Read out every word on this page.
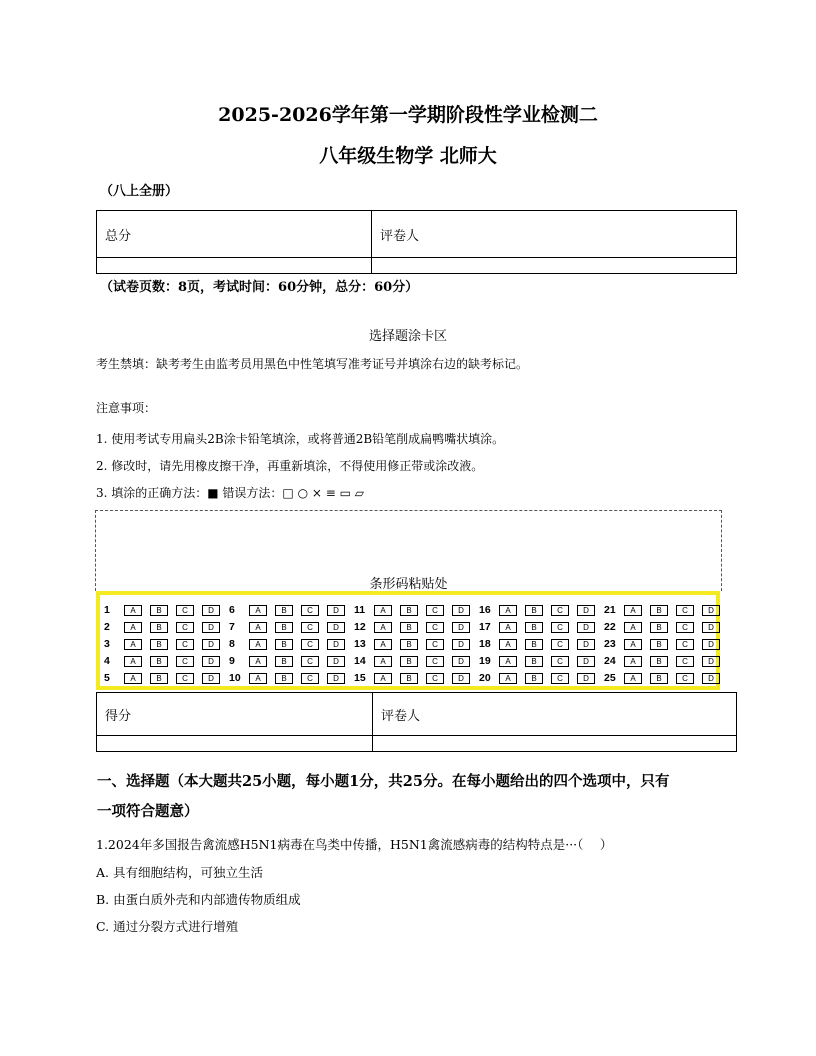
2025-2026学年第一学期阶段性学业检测二
八年级生物学 北师大
（八上全册）
总分	评卷人

（试卷页数：8页，考试时间：60分钟，总分：60分）
选择题涂卡区
考生禁填：缺考考生由监考员用黑色中性笔填写准考证号并填涂右边的缺考标记。
注意事项：
1. 使用考试专用扁头2B涂卡铅笔填涂，或将普通2B铅笔削成扁鸭嘴状填涂。
2. 修改时，请先用橡皮擦干净，再重新填涂，不得使用修正带或涂改液。
3. 填涂的正确方法：■ 错误方法：□ ○ × ≡ ▭ ▱
条形码粘贴处
1	A	B	C	D
2	A	B	C	D
3	A	B	C	D
4	A	B	C	D
5	A	B	C	D
6	A	B	C	D
7	A	B	C	D
8	A	B	C	D
9	A	B	C	D
10	A	B	C	D
11	A	B	C	D
12	A	B	C	D
13	A	B	C	D
14	A	B	C	D
15	A	B	C	D
16	A	B	C	D
17	A	B	C	D
18	A	B	C	D
19	A	B	C	D
20	A	B	C	D
21	A	B	C	D
22	A	B	C	D
23	A	B	C	D
24	A	B	C	D
25	A	B	C	D
得分	评卷人

一、选择题（本大题共25小题，每小题1分，共25分。在每小题给出的四个选项中，只有
一项符合题意）
1.2024年多国报告禽流感H5N1病毒在鸟类中传播，H5N1禽流感病毒的结构特点是···（　 ）
A. 具有细胞结构，可独立生活
B. 由蛋白质外壳和内部遗传物质组成
C. 通过分裂方式进行增殖
